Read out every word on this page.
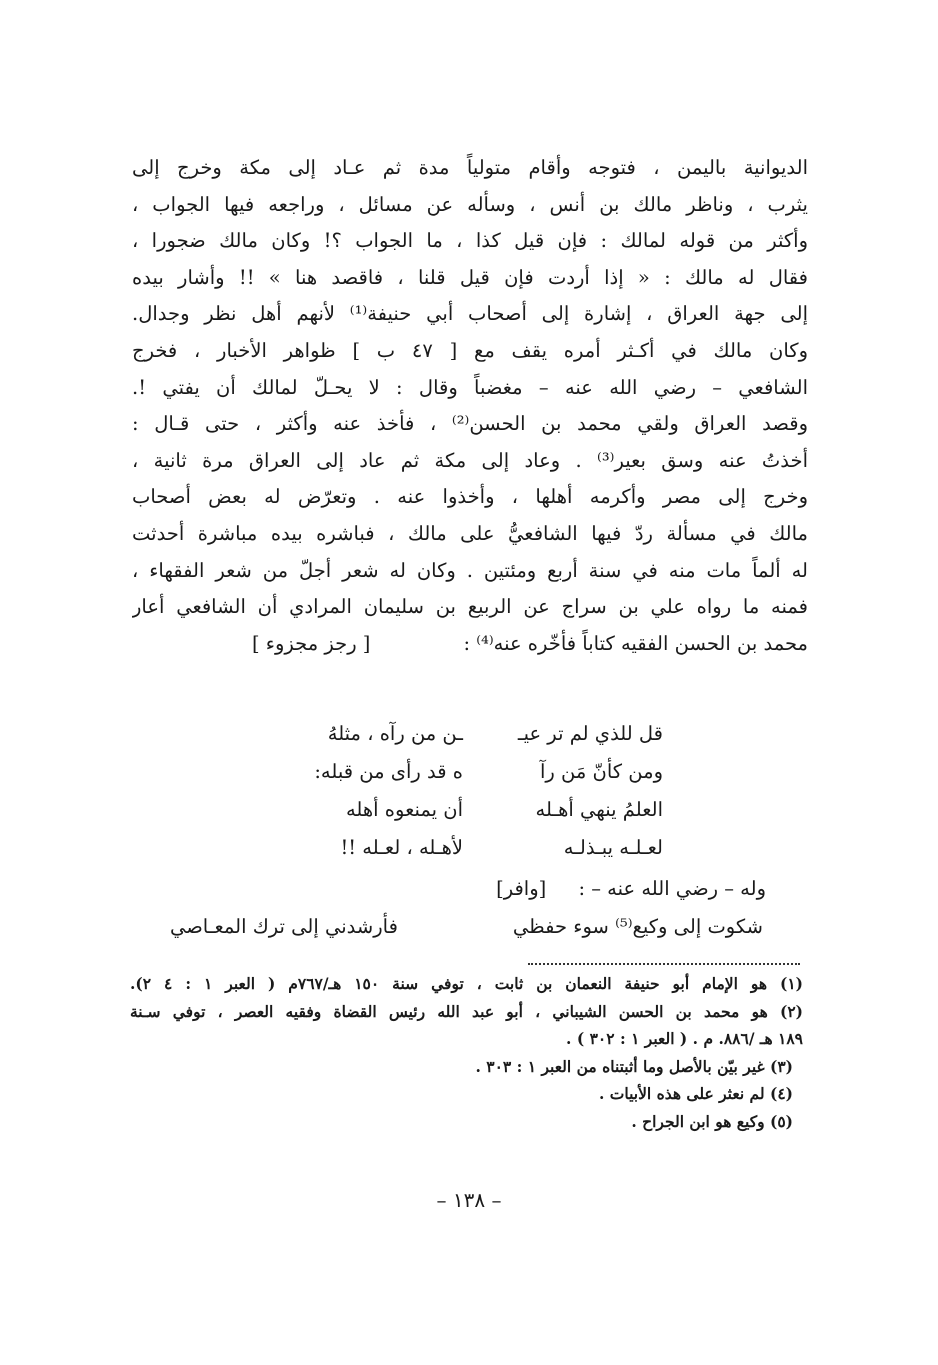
الديوانية باليمن ، فتوجه وأقام متولياً مدة ثم عـاد إلى مكة وخرج إلى
يثرب ، وناظر مالك بن أنس ، وسأله عن مسائل ، وراجعه فيها الجواب ،
وأكثر من قوله لمالك : فإن قيل كذا ، ما الجواب ؟! وكان مالك ضجورا ،
فقال له مالك : « إذا أردت فإن قيل قلنا ، فاقصد هنا » !! وأشار بيده
إلى جهة العراق ، إشارة إلى أصحاب أبي حنيفة⁽¹⁾ لأنهم أهل نظر وجدال.
وكان مالك في أكـثر أمره يقف مع [ ٤٧ ب ] ظواهر الأخبار ، فخرج
الشافعي – رضي الله عنه – مغضباً وقال : لا يحـلّ لمالك أن يفتي !.
وقصد العراق ولقي محمد بن الحسن⁽²⁾ ، فأخذ عنه وأكثر ، حتى قـال :
أخذتُ عنه وسق بعير⁽³⁾ . وعاد إلى مكة ثم عاد إلى العراق مرة ثانية ،
وخرج إلى مصر وأكرمه أهلها ، وأخذوا عنه . وتعرّض له بعض أصحاب
مالك في مسألة ردّ فيها الشافعيُّ على مالك ، فباشره بيده مباشرة أحدثت
له ألماً مات منه في سنة أربع ومئتين . وكان له شعر أجلّ من شعر الفقهاء ،
فمنه ما رواه علي بن سراج عن الربيع بن سليمان المرادي أن الشافعي أعار
محمد بن الحسن الفقيه كتاباً فأخّره عنه⁽⁴⁾ :
[ رجز مجزوء ]
قل للذي لم تر عيـ
ـن من رآه ، مثلهُ
ومن كأنّ مَن رآ
ه قد رأى من قبله:
العلمُ ينهي أهـله
أن يمنعوه أهله
لعـلـه يبـذلـه
لأهـله ، لعـله !!
وله – رضي الله عنه – : [وافر]
شكوت إلى وكيع⁽⁵⁾ سوء حفظي
فأرشدني إلى ترك المعـاصي
(١) هو الإمام أبو حنيفة النعمان بن ثابت ، توفي سنة ١٥٠ هـ/٧٦٧م ( العبر ١ : ٤ ٢).
(٢) هو محمد بن الحسن الشيباني ، أبو عبد الله رئيس القضاة وفقيه العصر ، توفي سـنة
١٨٩ هـ /٨٨٦. م . ( العبر ١ : ٣٠٢ ) .
(٣) غير بيّن بالأصل وما أثبتناه من العبر ١ : ٣٠٣ .
(٤) لم نعثر على هذه الأبيات .
(٥) وكيع هو ابن الجراح .
– ١٣٨ –
